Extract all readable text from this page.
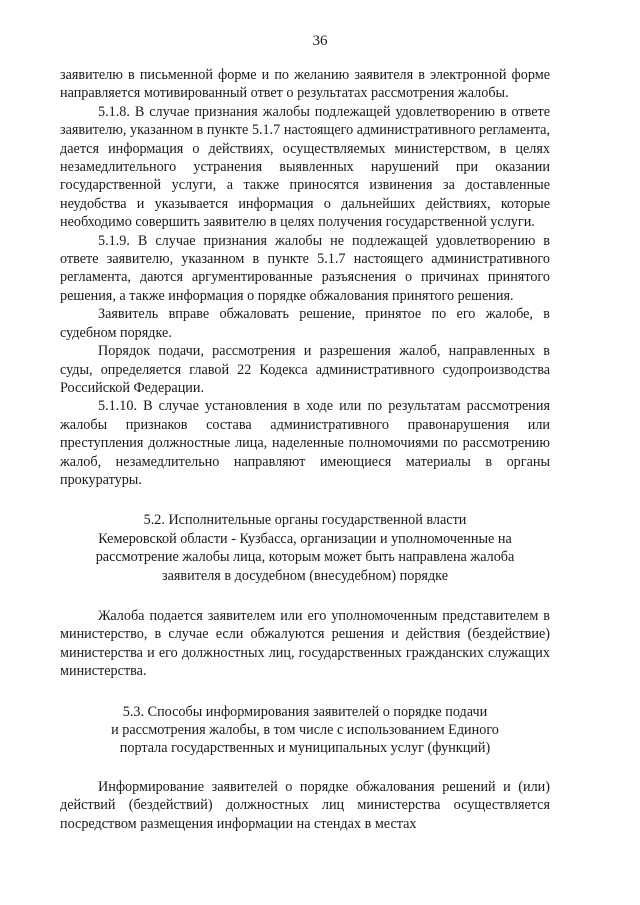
36

заявителю в письменной форме и по желанию заявителя в электронной форме направляется мотивированный ответ о результатах рассмотрения жалобы.

5.1.8. В случае признания жалобы подлежащей удовлетворению в ответе заявителю, указанном в пункте 5.1.7 настоящего административного регламента, дается информация о действиях, осуществляемых министерством, в целях незамедлительного устранения выявленных нарушений при оказании государственной услуги, а также приносятся извинения за доставленные неудобства и указывается информация о дальнейших действиях, которые необходимо совершить заявителю в целях получения государственной услуги.

5.1.9. В случае признания жалобы не подлежащей удовлетворению в ответе заявителю, указанном в пункте 5.1.7 настоящего административного регламента, даются аргументированные разъяснения о причинах принятого решения, а также информация о порядке обжалования принятого решения.

Заявитель вправе обжаловать решение, принятое по его жалобе, в судебном порядке.

Порядок подачи, рассмотрения и разрешения жалоб, направленных в суды, определяется главой 22 Кодекса административного судопроизводства Российской Федерации.

5.1.10. В случае установления в ходе или по результатам рассмотрения жалобы признаков состава административного правонарушения или преступления должностные лица, наделенные полномочиями по рассмотрению жалоб, незамедлительно направляют имеющиеся материалы в органы прокуратуры.

5.2. Исполнительные органы государственной власти
Кемеровской области - Кузбасса, организации и уполномоченные на
рассмотрение жалобы лица, которым может быть направлена жалоба
заявителя в досудебном (внесудебном) порядке

Жалоба подается заявителем или его уполномоченным представителем в министерство, в случае если обжалуются решения и действия (бездействие) министерства и его должностных лиц, государственных гражданских служащих министерства.

5.3. Способы информирования заявителей о порядке подачи
и рассмотрения жалобы, в том числе с использованием Единого
портала государственных и муниципальных услуг (функций)

Информирование заявителей о порядке обжалования решений и (или) действий (бездействий) должностных лиц министерства осуществляется посредством размещения информации на стендах в местах
